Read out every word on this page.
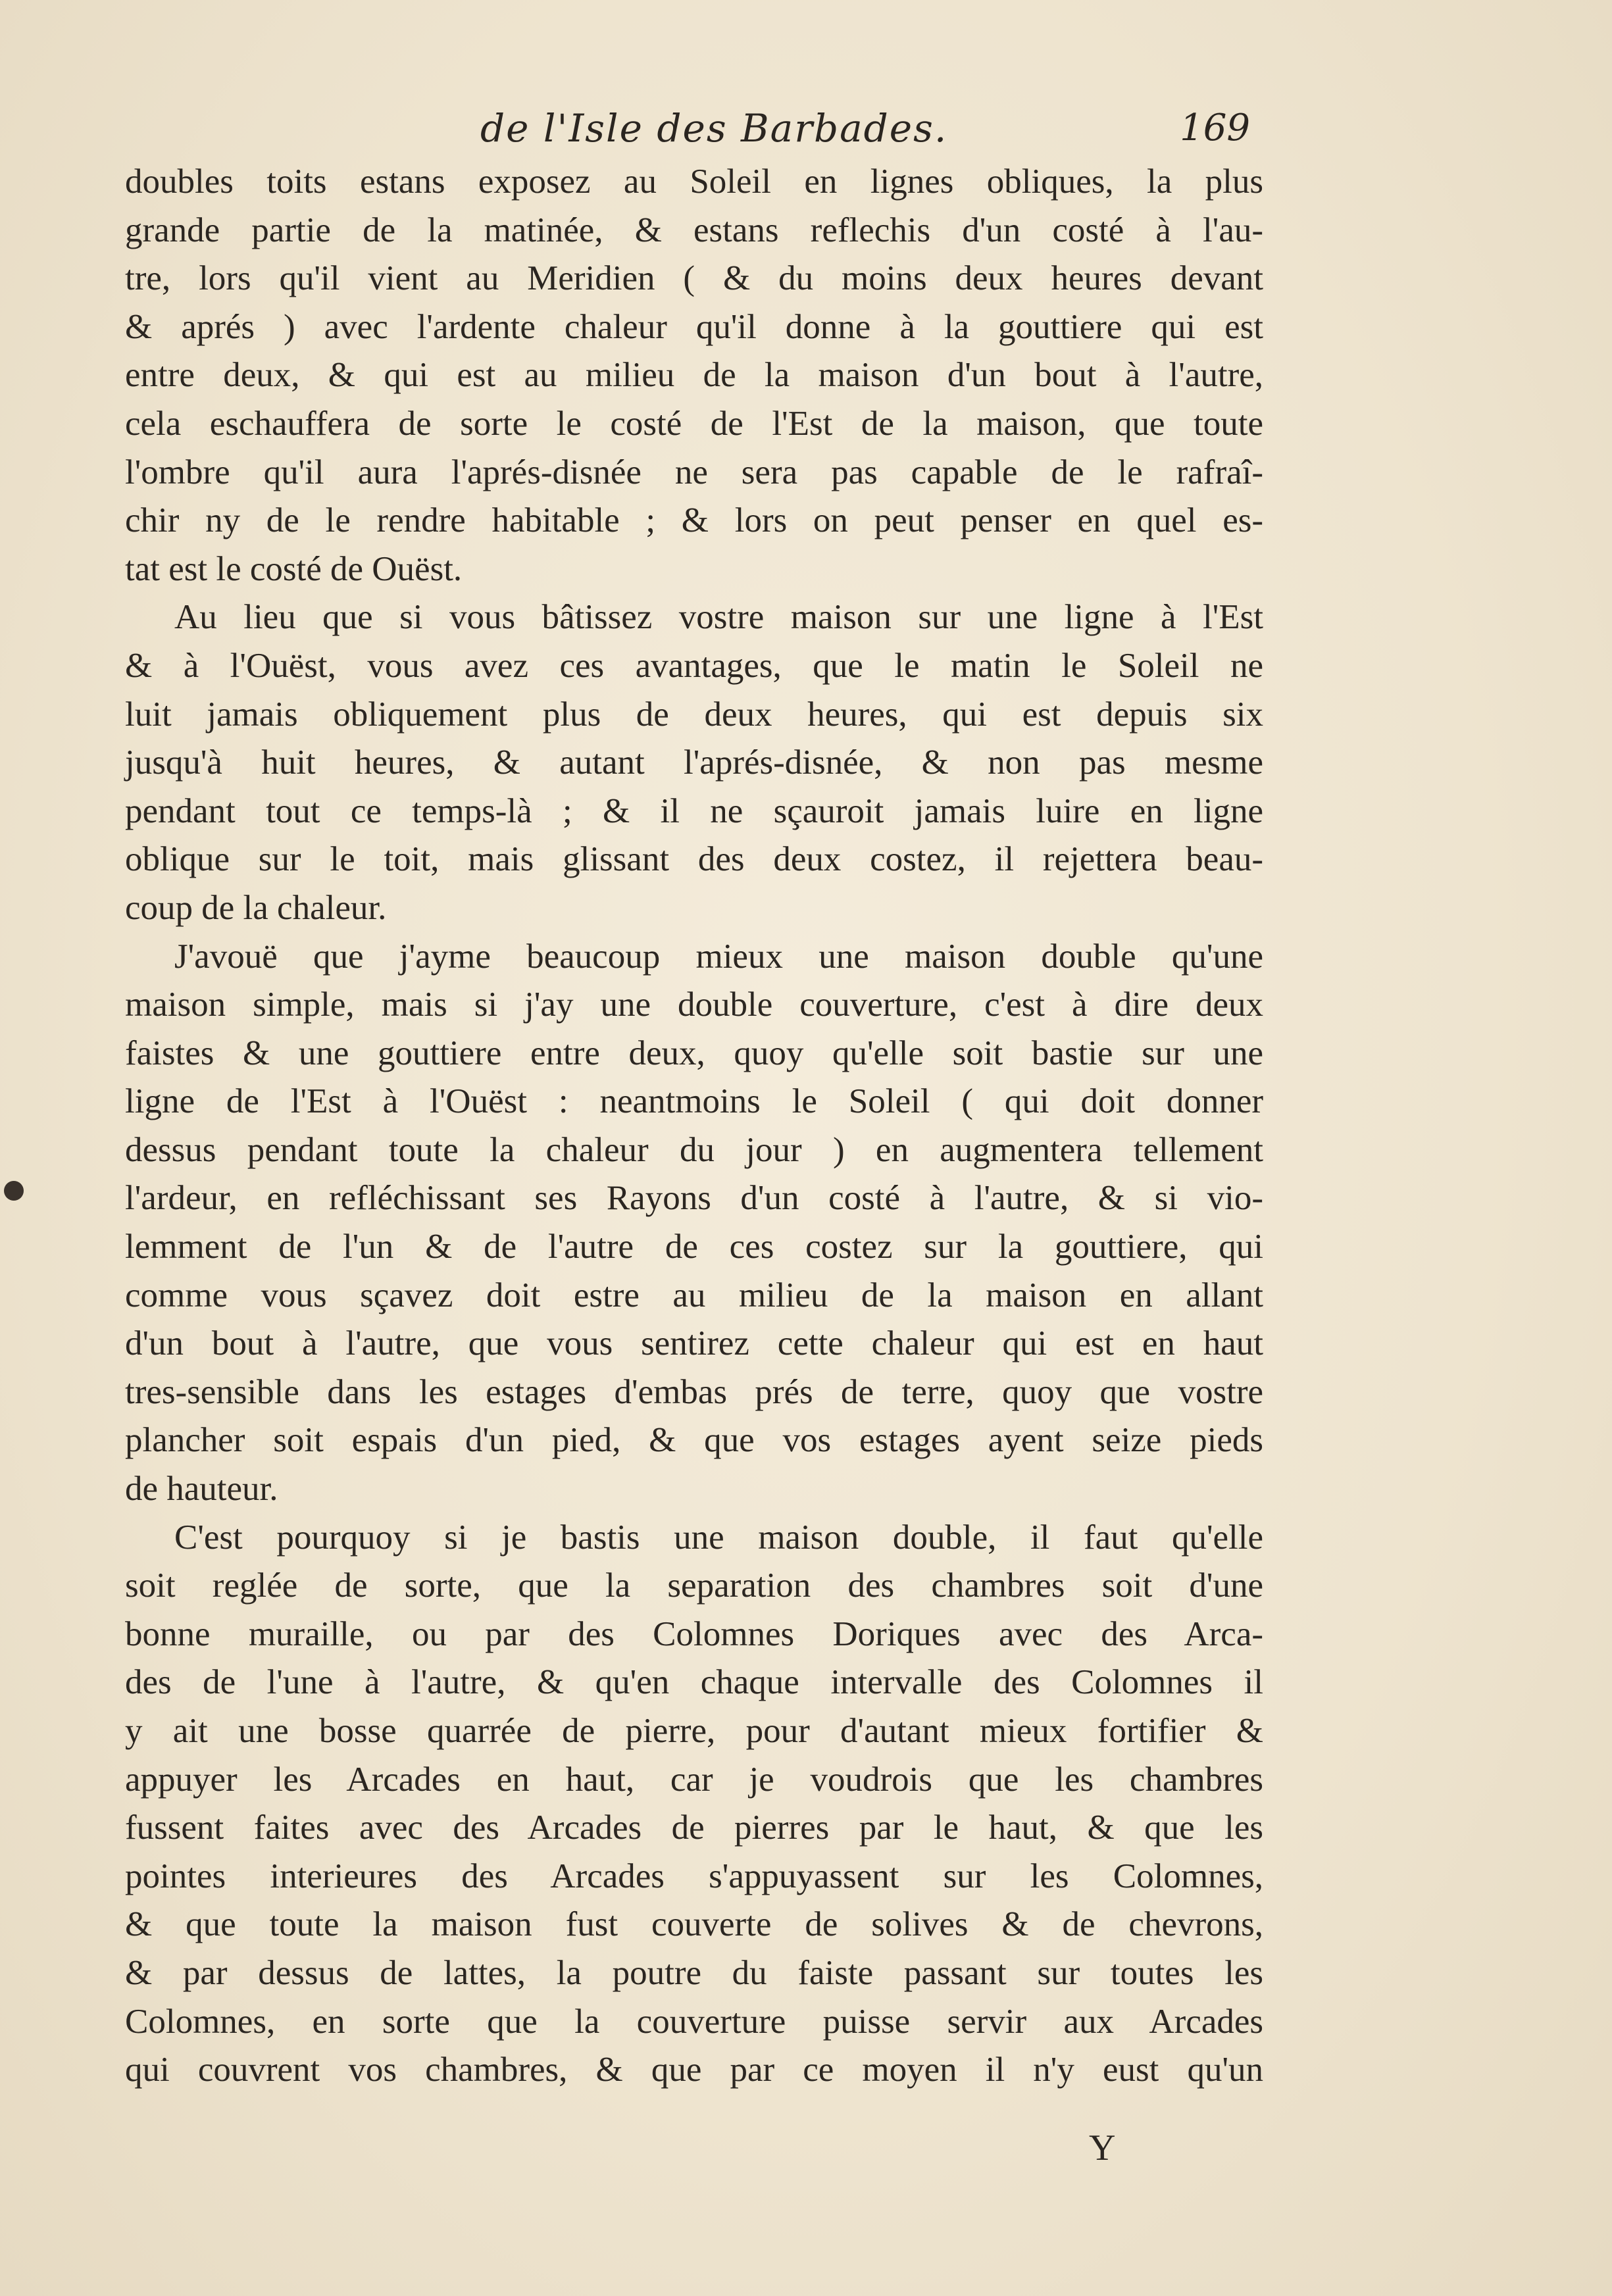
de l'Isle des Barbades.	169
doubles toits estans exposez au Soleil en lignes obliques, la plus
grande partie de la matinée, & estans reflechis d'un costé à l'au-
tre, lors qu'il vient au Meridien ( & du moins deux heures devant
& aprés ) avec l'ardente chaleur qu'il donne à la gouttiere qui est
entre deux, & qui est au milieu de la maison d'un bout à l'autre,
cela eschauffera de sorte le costé de l'Est de la maison, que toute
l'ombre qu'il aura l'aprés-disnée ne sera pas capable de le rafraî-
chir ny de le rendre habitable ; & lors on peut penser en quel es-
tat est le costé de Ouëst.
Au lieu que si vous bâtissez vostre maison sur une ligne à l'Est
& à l'Ouëst, vous avez ces avantages, que le matin le Soleil ne
luit jamais obliquement plus de deux heures, qui est depuis six
jusqu'à huit heures, & autant l'aprés-disnée, & non pas mesme
pendant tout ce temps-là ; & il ne sçauroit jamais luire en ligne
oblique sur le toit, mais glissant des deux costez, il rejettera beau-
coup de la chaleur.
J'avouë que j'ayme beaucoup mieux une maison double qu'une
maison simple, mais si j'ay une double couverture, c'est à dire deux
faistes & une gouttiere entre deux, quoy qu'elle soit bastie sur une
ligne de l'Est à l'Ouëst : neantmoins le Soleil ( qui doit donner
dessus pendant toute la chaleur du jour ) en augmentera tellement
l'ardeur, en refléchissant ses Rayons d'un costé à l'autre, & si vio-
lemment de l'un & de l'autre de ces costez sur la gouttiere, qui
comme vous sçavez doit estre au milieu de la maison en allant
d'un bout à l'autre, que vous sentirez cette chaleur qui est en haut
tres-sensible dans les estages d'embas prés de terre, quoy que vostre
plancher soit espais d'un pied, & que vos estages ayent seize pieds
de hauteur.
C'est pourquoy si je bastis une maison double, il faut qu'elle
soit reglée de sorte, que la separation des chambres soit d'une
bonne muraille, ou par des Colomnes Doriques avec des Arca-
des de l'une à l'autre, & qu'en chaque intervalle des Colomnes il
y ait une bosse quarrée de pierre, pour d'autant mieux fortifier &
appuyer les Arcades en haut, car je voudrois que les chambres
fussent faites avec des Arcades de pierres par le haut, & que les
pointes interieures des Arcades s'appuyassent sur les Colomnes,
& que toute la maison fust couverte de solives & de chevrons,
& par dessus de lattes, la poutre du faiste passant sur toutes les
Colomnes, en sorte que la couverture puisse servir aux Arcades
qui couvrent vos chambres, & que par ce moyen il n'y eust qu'un
Y
